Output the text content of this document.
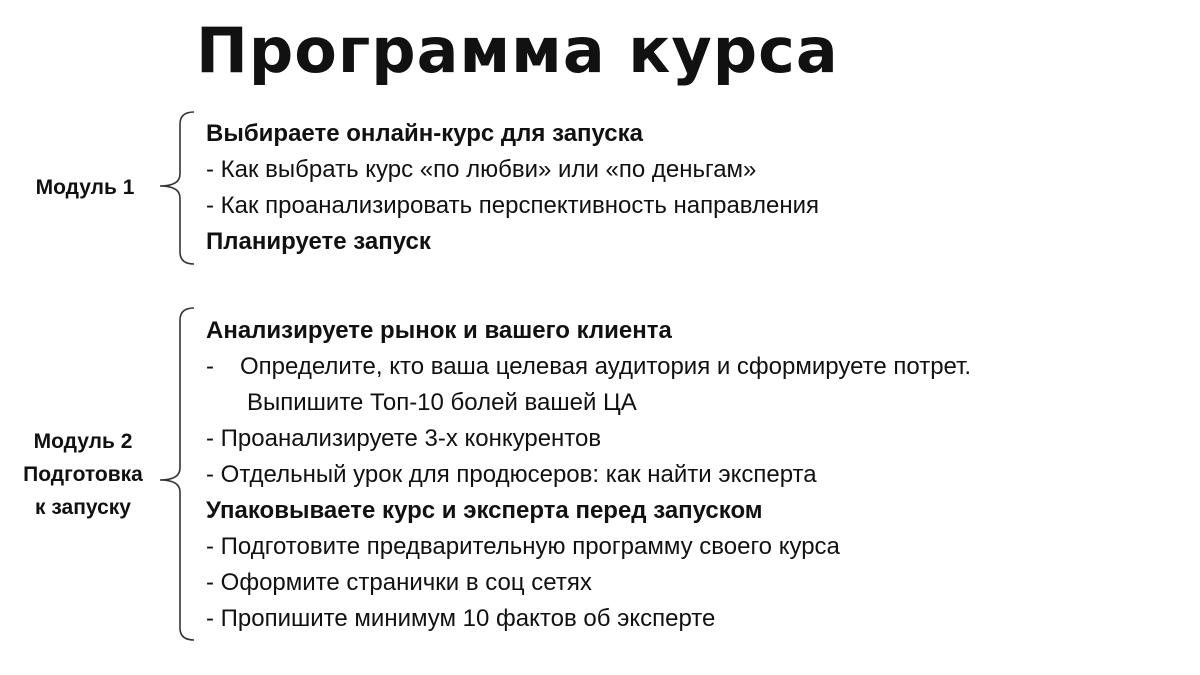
Программа курса
Модуль 1
Выбираете онлайн-курс для запуска
- Как выбрать курс «по любви» или «по деньгам»
- Как проанализировать перспективность направления
Планируете запуск
Модуль 2
Подготовка
к запуску
Анализируете рынок и вашего клиента
- Определите, кто ваша целевая аудитория и сформируете потрет.
Выпишите Топ-10 болей вашей ЦА
- Проанализируете 3-х конкурентов
- Отдельный урок для продюсеров: как найти эксперта
Упаковываете курс и эксперта перед запуском
- Подготовите предварительную программу своего курса
- Оформите странички в соц сетях
- Пропишите минимум 10 фактов об эксперте
